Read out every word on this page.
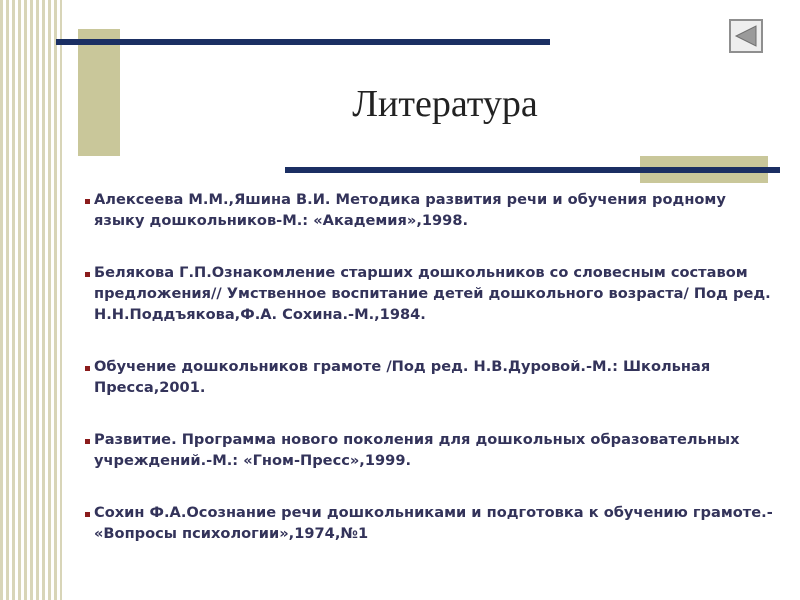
Литература
Алексеева М.М.,Яшина В.И. Методика развития речи и обучения родному языку дошкольников-М.: «Академия»,1998.
Белякова Г.П.Ознакомление старших дошкольников со словесным составом предложения// Умственное воспитание детей дошкольного возраста/ Под ред. Н.Н.Поддъякова,Ф.А. Сохина.-М.,1984.
Обучение дошкольников грамоте /Под ред. Н.В.Дуровой.-М.: Школьная Пресса,2001.
Развитие. Программа нового поколения для дошкольных образовательных учреждений.-М.: «Гном-Пресс»,1999.
Сохин Ф.А.Осознание речи дошкольниками и подготовка к обучению грамоте.- «Вопросы психологии»,1974,№1
